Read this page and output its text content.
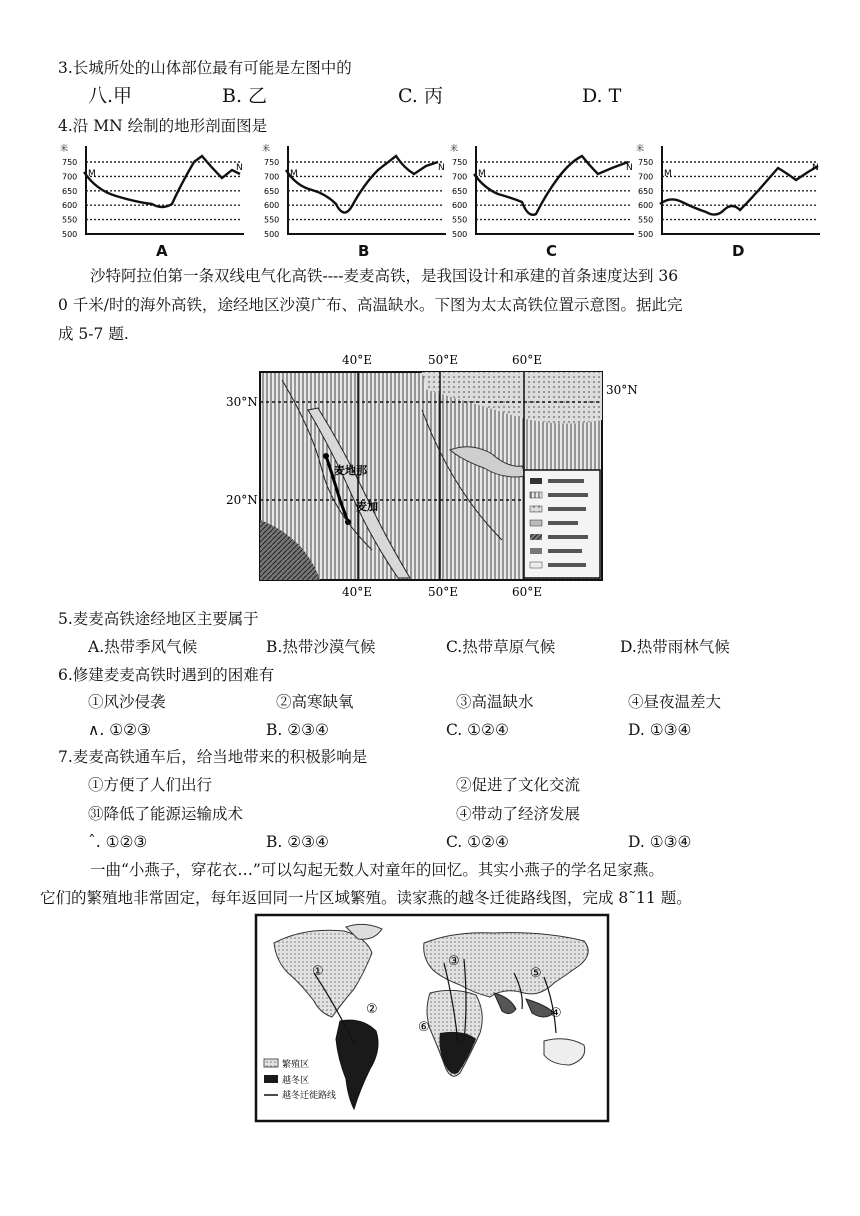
3.长城所处的山体部位最有可能是左图中的
八.甲	B. 乙	C. 丙	D. T
4.沿 MN 绘制的地形剖面图是
米
750
700
650
600
550
500
M
N
A
米
750
700
650
600
550
500
M
N
B
米
750
700
650
600
550
500
M
N
C
米
750
700
650
600
550
500
M
N
D
沙特阿拉伯第一条双线电气化高铁----麦麦高铁，是我国设计和承建的首条速度达到 36
0 千米/时的海外高铁，途经地区沙漠广布、高温缺水。下图为太太高铁位置示意图。据此完
成 5-7 题.
40°E	50°E	60°E
40°E	50°E	60°E
30°N
20°N
30°N
麦地那
麦加
5.麦麦高铁途经地区主要属于
A.热带季风气候	B.热带沙漠气候	C.热带草原气候	D.热带雨林气候
6.修建麦麦高铁时遇到的困难有
①风沙侵袭	②高寒缺氧	③高温缺水	④昼夜温差大
∧. ①②③	B. ②③④	C. ①②④	D. ①③④
7.麦麦高铁通车后，给当地带来的积极影响是
①方便了人们出行	②促进了文化交流
㉛降低了能源运输成术	④带动了经济发展
ˆ. ①②③	B. ②③④	C. ①②④	D. ①③④
一曲“小燕子，穿花衣…”可以勾起无数人对童年的回忆。其实小燕子的学名足家燕。
它们的繁殖地非常固定，每年返回同一片区域繁殖。读家燕的越冬迁徙路线图，完成 8˜11 题。
①
②
③
④
⑤
⑥
繁殖区
越冬区
越冬迁徙路线
